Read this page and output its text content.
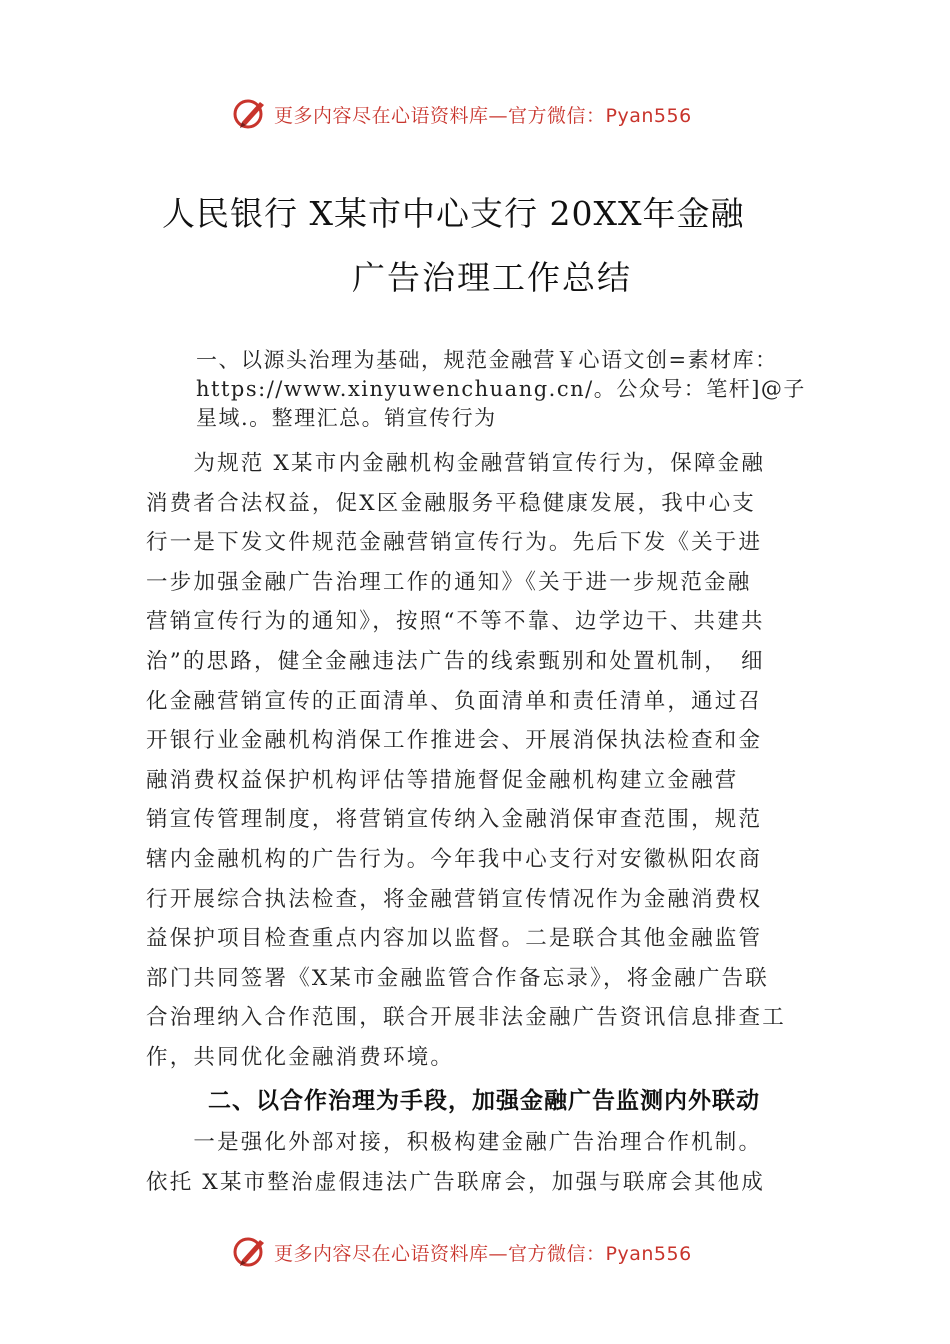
更多内容尽在心语资料库—官方微信：Pyan556
人民银行 X某市中心支行 20XX年金融
广告治理工作总结
一、以源头治理为基础，规范金融营￥心语文创=素材库：
https://www.xinyuwenchuang.cn/。公众号：笔杆]@子
星域.。整理汇总。销宣传行为
　　为规范 X某市内金融机构金融营销宣传行为，保障金融
消费者合法权益，促X区金融服务平稳健康发展，我中心支
行一是下发文件规范金融营销宣传行为。先后下发《关于进
一步加强金融广告治理工作的通知》《关于进一步规范金融
营销宣传行为的通知》，按照“不等不靠、边学边干、共建共
治”的思路，健全金融违法广告的线索甄别和处置机制，　细
化金融营销宣传的正面清单、负面清单和责任清单，通过召
开银行业金融机构消保工作推进会、开展消保执法检查和金
融消费权益保护机构评估等措施督促金融机构建立金融营
销宣传管理制度，将营销宣传纳入金融消保审查范围，规范
辖内金融机构的广告行为。今年我中心支行对安徽枞阳农商
行开展综合执法检查，将金融营销宣传情况作为金融消费权
益保护项目检查重点内容加以监督。二是联合其他金融监管
部门共同签署《X某市金融监管合作备忘录》，将金融广告联
合治理纳入合作范围，联合开展非法金融广告资讯信息排查工
作，共同优化金融消费环境。
二、以合作治理为手段，加强金融广告监测内外联动
　　一是强化外部对接，积极构建金融广告治理合作机制。
依托 X某市整治虚假违法广告联席会，加强与联席会其他成
更多内容尽在心语资料库—官方微信：Pyan556
